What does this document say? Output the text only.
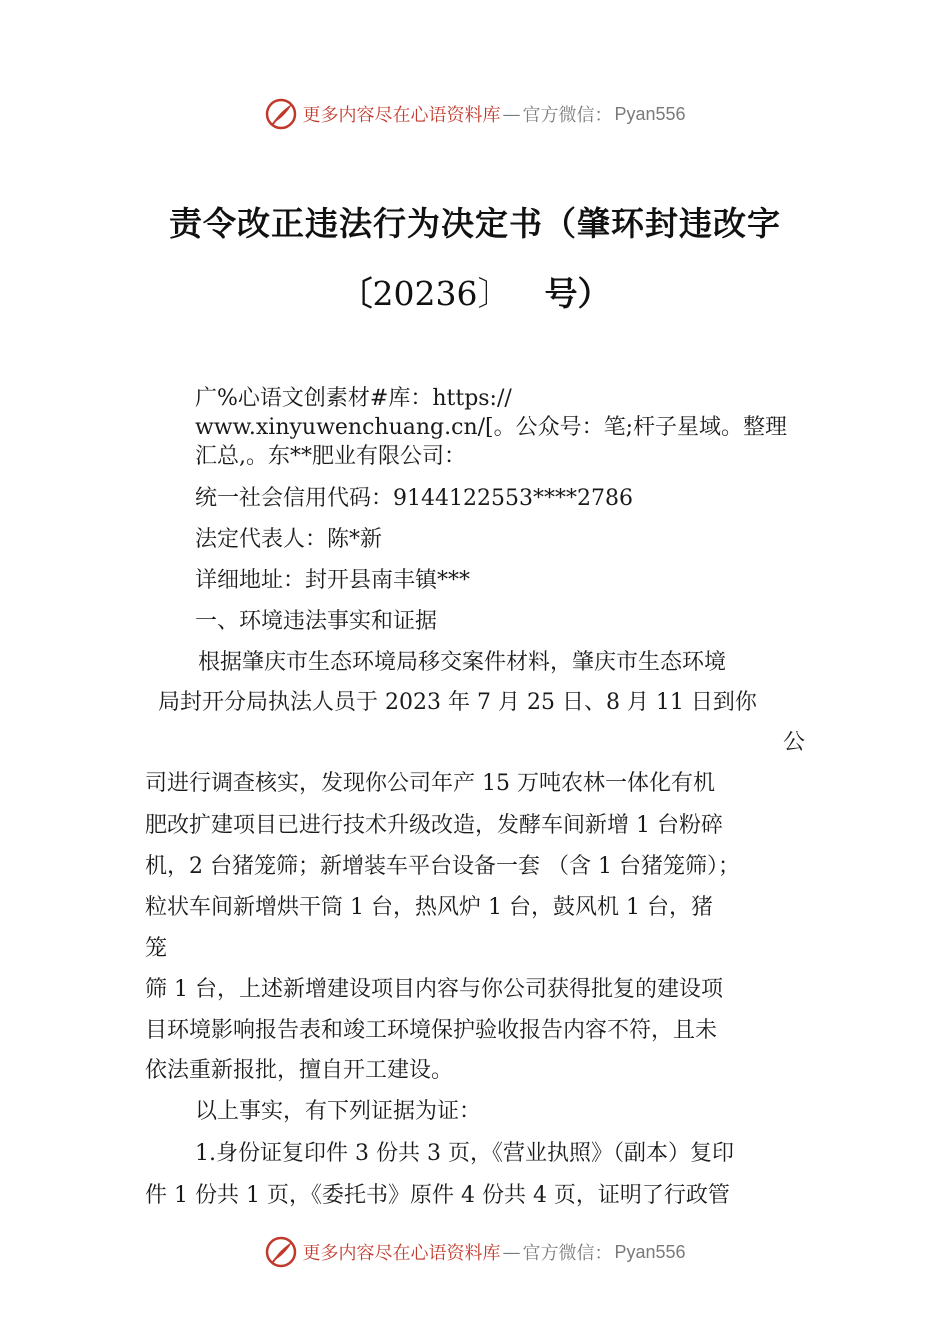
更多内容尽在心语资料库 — 官方微信： Pyan556
责令改正违法行为决定书（肇环封违改字
〔20236〕 号）
广%心语文创素材#库：https://
www.xinyuwenchuang.cn/[。公众号：笔;杆子星域。整理
汇总,。东**肥业有限公司：
统一社会信用代码：9144122553****2786
法定代表人：陈*新
详细地址：封开县南丰镇***
一、环境违法事实和证据
根据肇庆市生态环境局移交案件材料，肇庆市生态环境
局封开分局执法人员于 2023 年 7 月 25 日、8 月 11 日到你
公
司进行调查核实，发现你公司年产 15 万吨农林一体化有机
肥改扩建项目已进行技术升级改造，发酵车间新增 1 台粉碎
机，2 台猪笼筛；新增装车平台设备一套 （含 1 台猪笼筛）；
粒状车间新增烘干筒 1 台，热风炉 1 台，鼓风机 1 台，猪
笼
筛 1 台，上述新增建设项目内容与你公司获得批复的建设项
目环境影响报告表和竣工环境保护验收报告内容不符，且未
依法重新报批，擅自开工建设。
以上事实，有下列证据为证：
1.身份证复印件 3 份共 3 页，《营业执照》（副本）复印
件 1 份共 1 页，《委托书》原件 4 份共 4 页，证明了行政管
更多内容尽在心语资料库 — 官方微信： Pyan556
